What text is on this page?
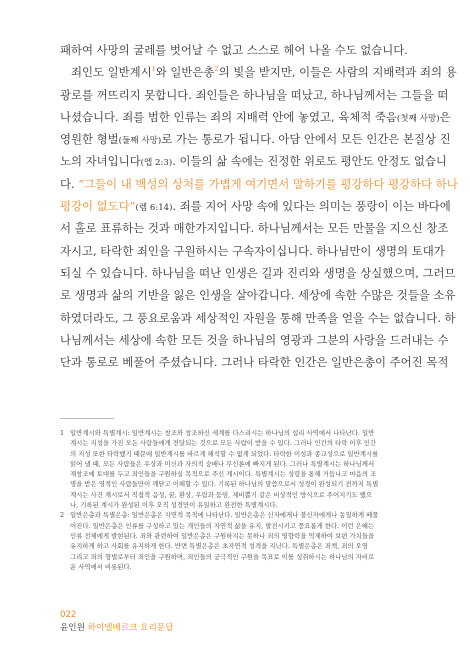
패하여 사망의 굴레를 벗어날 수 없고 스스로 헤어 나올 수도 없습니다.
죄인도 일반계시$^1$와 일반은총$^2$의 빛을 받지만, 이들은 사람의 지배력과 죄의 용
광로를 꺼뜨리지 못합니다. 죄인들은 하나님을 떠났고, 하나님께서는 그들을 떠
나셨습니다. 죄를 범한 인류는 죄의 지배력 안에 놓였고, 육체적 죽음(첫째 사망)은
영원한 형벌(둘째 사망)로 가는 통로가 됩니다. 아담 안에서 모든 인간은 본질상 진
노의 자녀입니다(엡 2:3). 이들의 삶 속에는 진정한 위로도 평안도 안정도 없습니
다. “그들이 내 백성의 상처를 가볍게 여기면서 말하기를 평강하다 평강하다 하나
평강이 없도다”(렘 6:14). 죄를 지어 사망 속에 있다는 의미는 풍랑이 이는 바다에
서 홀로 표류하는 것과 매한가지입니다. 하나님께서는 모든 만물을 지으신 창조
자시고, 타락한 죄인을 구원하시는 구속자이십니다. 하나님만이 생명의 토대가
되실 수 있습니다. 하나님을 떠난 인생은 길과 진리와 생명을 상실했으며, 그러므
로 생명과 삶의 기반을 잃은 인생을 살아갑니다. 세상에 속한 수많은 것들을 소유
하였더라도, 그 풍요로움과 세상적인 자원을 통해 만족을 얻을 수는 없습니다. 하
나님께서는 세상에 속한 모든 것을 하나님의 영광과 그분의 사랑을 드러내는 수
단과 통로로 베풀어 주셨습니다. 그러나 타락한 인간은 일반은총이 주어진 목적
1 일반계시와 특별계시: 일반계시는 창조와 창조하신 세계를 다스리시는 하나님의 섭리 사역에서 나타난다. 일반
계시는 지성을 가진 모든 사람들에게 전달되는 것으로 모든 사람이 받을 수 있다. 그러나 인간의 타락 이후 인간
의 지성 또한 타락했기 때문에 일반계시를 바르게 해석할 수 없게 되었다. 타락한 이성과 종교성으로 일반계시를
읽어 낼 때, 모든 사람들은 우상과 미신과 자의적 숭배나 무신론에 빠지게 된다. 그러나 특별계시는 하나님께서
재창조에 토대를 두고 죄인들을 구원하실 목적으로 주신 계시이다. 특별계시는 성령을 통해 거듭나고 마음의 조
명을 받은 영적인 사람들만이 깨닫고 이해할 수 있다. 기록된 하나님의 말씀으로서 성경이 완성되기 전까지 특별
계시는 사건 계시로서 직접적 음성, 꿈, 환상, 우림과 둠밈, 제비뽑기 같은 비상적인 방식으로 주어지기도 했으
나, 기록된 계시가 완성된 이후 오직 성경만이 유일하고 완전한 특별계시다.
2 일반은총과 특별은총: 일반은총은 자연적 목적에 나타난다. 일반은총은 신자에게나 불신자에게나 동일하게 베풀
어진다. 일반은총은 인류를 구성하고 있는 개인들의 자연적 삶을 유지, 발전시키고 풍요롭게 한다. 이런 은혜는
인류 전체에게 발현된다. 죄와 관련하여 일반은총은 구원하지는 못하나 죄의 영향력을 억제하여 보편 가치들을
유지하게 하고 사회를 유지하게 한다. 반면 특별은총은 초자연적 성격을 지닌다. 특별은총은 죄책, 죄의 오염
그리고 죄의 형벌로부터 죄인을 구원하며, 죄인들의 궁극적인 구원을 목표로 이를 성취하시는 하나님의 자비로
운 사역에서 비롯된다.
022
윤인원 하이델베르크 요리문답
